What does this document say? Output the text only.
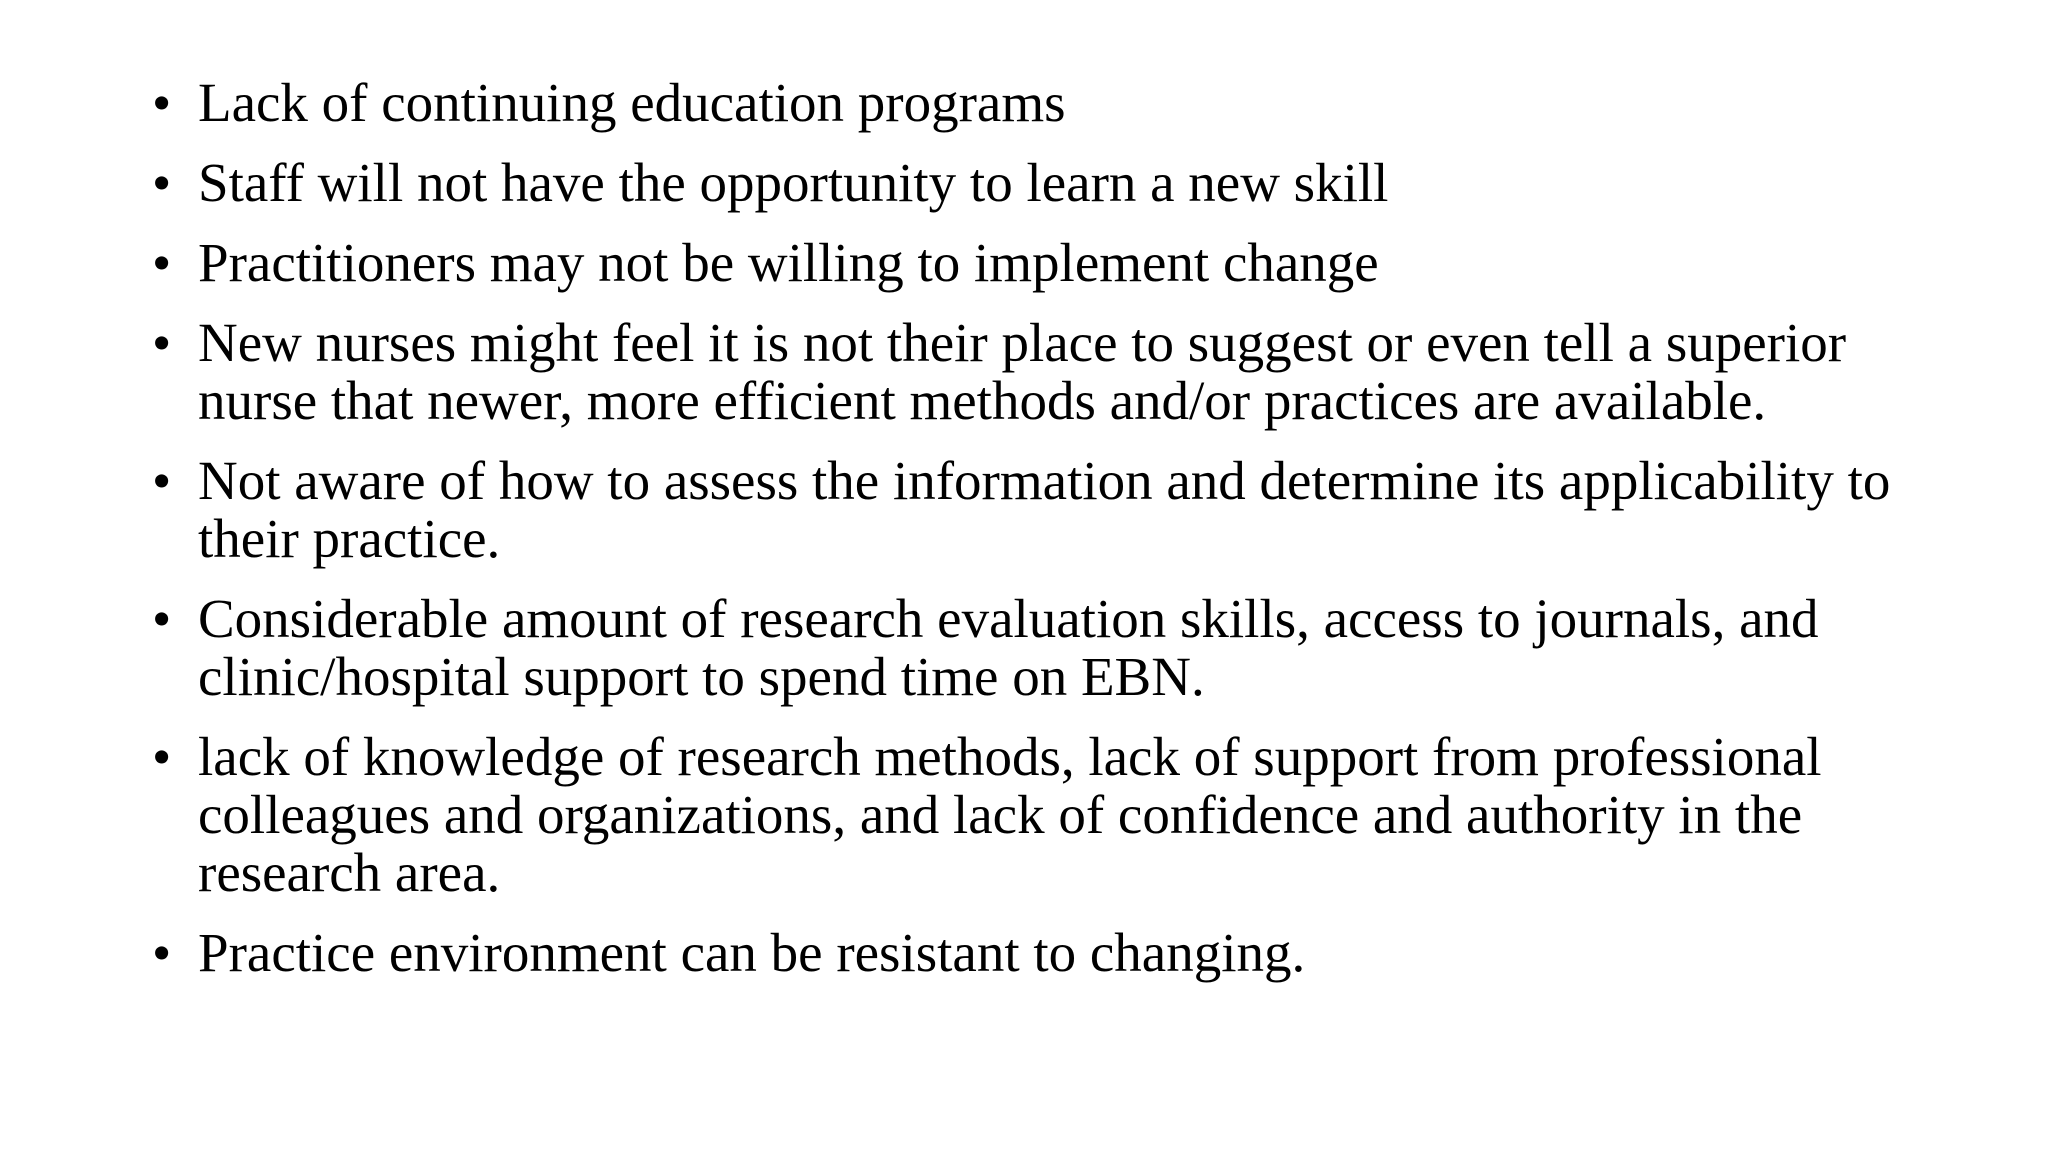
• Lack of continuing education programs
• Staff will not have the opportunity to learn a new skill
• Practitioners may not be willing to implement change
• New nurses might feel it is not their place to suggest or even tell a superior nurse that newer, more efficient methods and/or practices are available.
• Not aware of how to assess the information and determine its applicability to their practice.
• Considerable amount of research evaluation skills, access to journals, and clinic/hospital support to spend time on EBN.
• lack of knowledge of research methods, lack of support from professional colleagues and organizations, and lack of confidence and authority in the research area.
• Practice environment can be resistant to changing.
